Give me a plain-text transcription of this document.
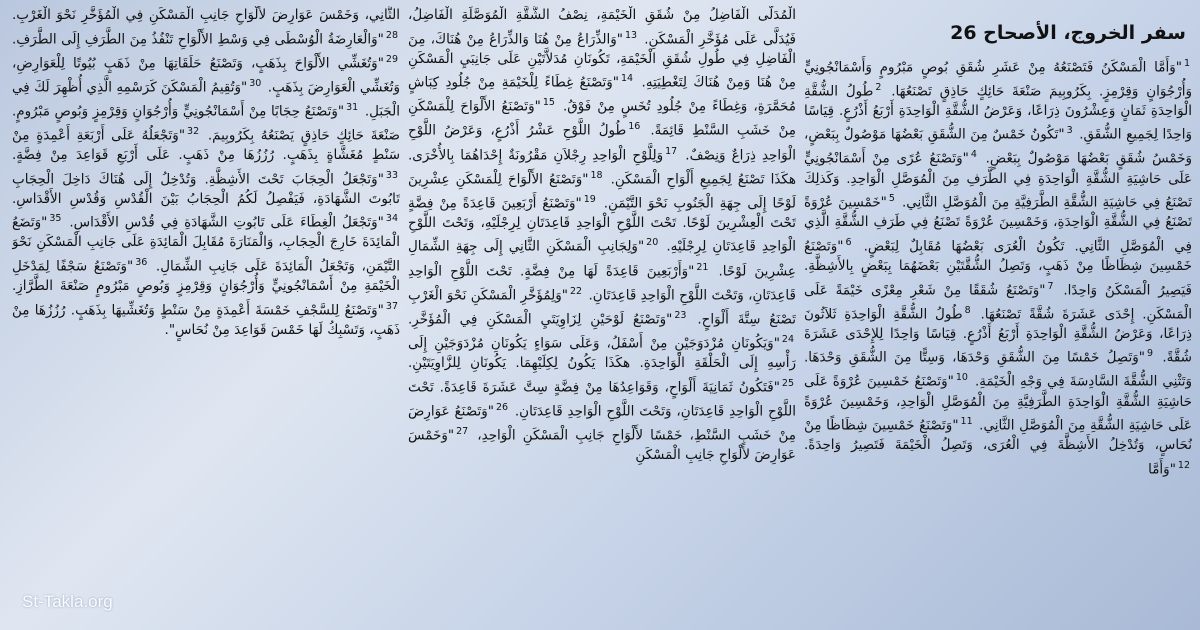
سفر الخروج، الأصحاح 26
$^1$"وَأَمَّا الْمَسْكَنُ فَتَصْنَعُهُ مِنْ عَشَرِ شُقَقِ بُوصٍ مَبْرُومٍ وَأَسْمَانْجُونِيٍّ وَأُرْجُوَانٍ وَقِرْمِزٍ. بِكَرُوبِيمَ صَنْعَةَ حَائِكٍ حَاذِقٍ تَصْنَعُهَا. $^2$طُولُ الشُّقَّةِ الْوَاحِدَةِ ثَمَانٍ وَعِشْرُونَ ذِرَاعًا، وَعَرْضُ الشُّقَّةِ الْوَاحِدَةِ أَرْبَعُ أَذْرُعٍ. قِيَاسًا وَاحِدًا لِجَمِيعِ الشُّقَقِ. $^3$"تَكُونُ خَمْسٌ مِنَ الشُّقَقِ بَعْضُهَا مَوْصُولٌ بِبَعْضٍ، وَخَمْسُ شُقَقٍ بَعْضُهَا مَوْصُولٌ بِبَعْضٍ. $^4$"وَتَصْنَعُ عُرًى مِنْ أَسْمَانْجُونِيٍّ عَلَى حَاشِيَةِ الشُّقَّةِ الْوَاحِدَةِ فِي الطَّرَفِ مِنَ الْمُوَصَّلِ الْوَاحِدِ. وَكَذلِكَ تَصْنَعُ فِي حَاشِيَةِ الشُّقَّةِ الطَّرَفِيَّةِ مِنَ الْمُوَصَّلِ الثَّانِي. $^5$"خَمْسِينَ عُرْوَةً تَصْنَعُ فِي الشُّقَّةِ الْوَاحِدَةِ، وَخَمْسِينَ عُرْوَةً تَصْنَعُ فِي طَرَفِ الشُّقَّةِ الَّذِي فِي الْمُوَصَّلِ الثَّانِي. تَكُونُ الْعُرَى بَعْضُهَا مُقَابِلٌ لِبَعْضٍ. $^6$"وَتَصْنَعُ خَمْسِينَ شِظَاظًا مِنْ ذَهَبٍ، وَتَصِلُ الشُّقَّتَيْنِ بَعْضَهُمَا بِبَعْضٍ بِالأَشِظَّةِ. فَيَصِيرُ الْمَسْكَنُ وَاحِدًا. $^7$"وَتَصْنَعُ شُقَقًا مِنْ شَعْرِ مِعْزًى خَيْمَةً عَلَى الْمَسْكَنِ. إِحْدَى عَشَرَةَ شُقَّةً تَصْنَعُهَا. $^8$طُولُ الشُّقَّةِ الْوَاحِدَةِ ثَلاَثُونَ ذِرَاعًا، وَعَرْضُ الشُّقَّةِ الْوَاحِدَةِ أَرْبَعُ أَذْرُعٍ. قِيَاسًا وَاحِدًا لِلإِحْدَى عَشَرَةَ شُقَّةً. $^9$"وَتَصِلُ خَمْسًا مِنَ الشُّقَقِ وَحْدَهَا، وَسِتًّا مِنَ الشُّقَقِ وَحْدَهَا. وَتَثْنِي الشُّقَّةَ السَّادِسَةَ فِي وَجْهِ الْخَيْمَةِ. $^{10}$"وَتَصْنَعُ خَمْسِينَ عُرْوَةً عَلَى حَاشِيَةِ الشُّقَّةِ الْوَاحِدَةِ الطَّرَفِيَّةِ مِنَ الْمُوَصَّلِ الْوَاحِدِ، وَخَمْسِينَ عُرْوَةً عَلَى حَاشِيَةِ الشُّقَّةِ مِنَ الْمُوَصَّلِ الثَّانِي. $^{11}$"وَتَصْنَعُ خَمْسِينَ شِظَاظًا مِنْ نُحَاسٍ، وَتُدْخِلُ الأَشِظَّةَ فِي الْعُرَى، وَتَصِلُ الْخَيْمَةَ فَتَصِيرُ وَاحِدَةً. $^{12}$"وَأَمَّا
الْمُدَلَّى الْفَاضِلُ مِنْ شُقَقِ الْخَيْمَةِ، نِصْفُ الشُّقَّةِ الْمُوَصَّلَةِ الْفَاضِلُ، فَيُدَلَّى عَلَى مُؤَخَّرِ الْمَسْكَنِ. $^{13}$"وَالذِّرَاعُ مِنْ هُنَا وَالذِّرَاعُ مِنْ هُنَاكَ، مِنَ الْفَاضِلِ فِي طُولِ شُقَقِ الْخَيْمَةِ، تَكُونَانِ مُدَلاَّتَيْنِ عَلَى جَانِبَيِ الْمَسْكَنِ مِنْ هُنَا وَمِنْ هُنَاكَ لِتَغْطِيَتِهِ. $^{14}$"وَتَصْنَعُ غِطَاءً لِلْخَيْمَةِ مِنْ جُلُودِ كِبَاشٍ مُحَمَّرَةٍ، وَغِطَاءً مِنْ جُلُودِ تُخَسٍ مِنْ فَوْقُ. $^{15}$"وَتَصْنَعُ الأَلْوَاحَ لِلْمَسْكَنِ مِنْ خَشَبِ السَّنْطِ قَائِمَةً. $^{16}$طُولُ اللَّوْحِ عَشْرُ أَذْرُعٍ، وَعَرْضُ اللَّوْحِ الْوَاحِدِ ذِرَاعٌ وَنِصْفٌ. $^{17}$وَلِلَّوْحِ الْوَاحِدِ رِجْلاَنِ مَقْرُونَةٌ إِحْدَاهُمَا بِالأُخْرَى. هكَذَا تَصْنَعُ لِجَمِيعِ أَلْوَاحِ الْمَسْكَنِ. $^{18}$"وَتَصْنَعُ الأَلْوَاحَ لِلْمَسْكَنِ عِشْرِينَ لَوْحًا إِلَى جِهَةِ الْجَنُوبِ نَحْوَ التَّيْمَنِ. $^{19}$"وَتَصْنَعُ أَرْبَعِينَ قَاعِدَةً مِنْ فِضَّةٍ تَحْتَ الْعِشْرِينَ لَوْحًا. تَحْتَ اللَّوْحِ الْوَاحِدِ قَاعِدَتَانِ لِرِجْلَيْهِ، وَتَحْتَ اللَّوْحِ الْوَاحِدِ قَاعِدَتَانِ لِرِجْلَيْهِ. $^{20}$"وَلِجَانِبِ الْمَسْكَنِ الثَّانِي إِلَى جِهَةِ الشِّمَالِ عِشْرِينَ لَوْحًا. $^{21}$"وَأَرْبَعِينَ قَاعِدَةً لَهَا مِنْ فِضَّةٍ. تَحْتَ اللَّوْحِ الْوَاحِدِ قَاعِدَتَانِ، وَتَحْتَ اللَّوْحِ الْوَاحِدِ قَاعِدَتَانِ. $^{22}$"وَلِمُؤَخَّرِ الْمَسْكَنِ نَحْوَ الْغَرْبِ تَصْنَعُ سِتَّةَ أَلْوَاحٍ. $^{23}$"وَتَصْنَعُ لَوْحَيْنِ لِزَاوِيَتَيِ الْمَسْكَنِ فِي الْمُؤَخَّرِ. $^{24}$"وَيَكُونَانِ مُزْدَوَجَيْنِ مِنْ أَسْفَلُ، وَعَلَى سَوَاءٍ يَكُونَانِ مُزْدَوَجَيْنِ إِلَى رَأْسِهِ إِلَى الْحَلْقَةِ الْوَاحِدَةِ. هكَذَا يَكُونُ لِكِلَيْهِمَا. يَكُونَانِ لِلزَّاوِيَتَيْنِ. $^{25}$"فَتَكُونُ ثَمَانِيَةَ أَلْوَاحٍ، وَقَوَاعِدُهَا مِنْ فِضَّةٍ سِتَّ عَشَرَةَ قَاعِدَةً. تَحْتَ اللَّوْحِ الْوَاحِدِ قَاعِدَتَانِ، وَتَحْتَ اللَّوْحِ الْوَاحِدِ قَاعِدَتَانِ. $^{26}$"وَتَصْنَعُ عَوَارِضَ مِنْ خَشَبِ السَّنْطِ، خَمْسًا لأَلْوَاحِ جَانِبِ الْمَسْكَنِ الْوَاحِدِ، $^{27}$"وَخَمْسَ عَوَارِضَ لأَلْوَاحِ جَانِبِ الْمَسْكَنِ
الثَّانِي، وَخَمْسَ عَوَارِضَ لأَلْوَاحِ جَانِبِ الْمَسْكَنِ فِي الْمُؤَخَّرِ نَحْوَ الْغَرْبِ. $^{28}$"وَالْعَارِضَةُ الْوُسْطَى فِي وَسْطِ الأَلْوَاحِ تَنْفُذُ مِنَ الطَّرَفِ إِلَى الطَّرَفِ. $^{29}$"وَتُغَشِّي الأَلْوَاحَ بِذَهَبٍ، وَتَصْنَعُ حَلَقَاتِهَا مِنْ ذَهَبٍ بُيُوتًا لِلْعَوَارِضِ، وَتُغَشِّي الْعَوَارِضَ بِذَهَبٍ. $^{30}$"وَتُقِيمُ الْمَسْكَنَ كَرَسْمِهِ الَّذِي أُظْهِرَ لَكَ فِي الْجَبَلِ. $^{31}$"وَتَصْنَعُ حِجَابًا مِنْ أَسْمَانْجُونِيٍّ وَأُرْجُوَانٍ وَقِرْمِزٍ وَبُوصٍ مَبْرُومٍ. صَنْعَةَ حَائِكٍ حَاذِقٍ يَصْنَعُهُ بِكَرُوبِيمَ. $^{32}$"وَتَجْعَلُهُ عَلَى أَرْبَعَةِ أَعْمِدَةٍ مِنْ سَنْطٍ مُغَشَّاةٍ بِذَهَبٍ. رُزُزُهَا مِنْ ذَهَبٍ. عَلَى أَرْبَعِ قَوَاعِدَ مِنْ فِضَّةٍ. $^{33}$"وَتَجْعَلُ الْحِجَابَ تَحْتَ الأَشِظَّةِ. وَتُدْخِلُ إِلَى هُنَاكَ دَاخِلَ الْحِجَابِ تَابُوتَ الشَّهَادَةِ، فَيَفْصِلُ لَكُمُ الْحِجَابُ بَيْنَ الْقُدْسِ وَقُدْسِ الأَقْدَاسِ. $^{34}$"وَتَجْعَلُ الْغِطَاءَ عَلَى تَابُوتِ الشَّهَادَةِ فِي قُدْسِ الأَقْدَاسِ. $^{35}$"وَتَضَعُ الْمَائِدَةَ خَارِجَ الْحِجَابِ، وَالْمَنَارَةَ مُقَابِلَ الْمَائِدَةِ عَلَى جَانِبِ الْمَسْكَنِ نَحْوَ التَّيْمَنِ، وَتَجْعَلُ الْمَائِدَةَ عَلَى جَانِبِ الشِّمَالِ. $^{36}$"وَتَصْنَعُ سَجْفًا لِمَدْخَلِ الْخَيْمَةِ مِنْ أَسْمَانْجُونِيٍّ وَأُرْجُوَانٍ وَقِرْمِزٍ وَبُوصٍ مَبْرُومٍ صَنْعَةَ الطَّرَّازِ. $^{37}$"وَتَصْنَعُ لِلسَّجْفِ خَمْسَةَ أَعْمِدَةٍ مِنْ سَنْطٍ وَتُغَشِّيهَا بِذَهَبٍ. رُزُزُهَا مِنْ ذَهَبٍ، وَتَسْبِكُ لَهَا خَمْسَ قَوَاعِدَ مِنْ نُحَاسٍ".
St-Takla.org
